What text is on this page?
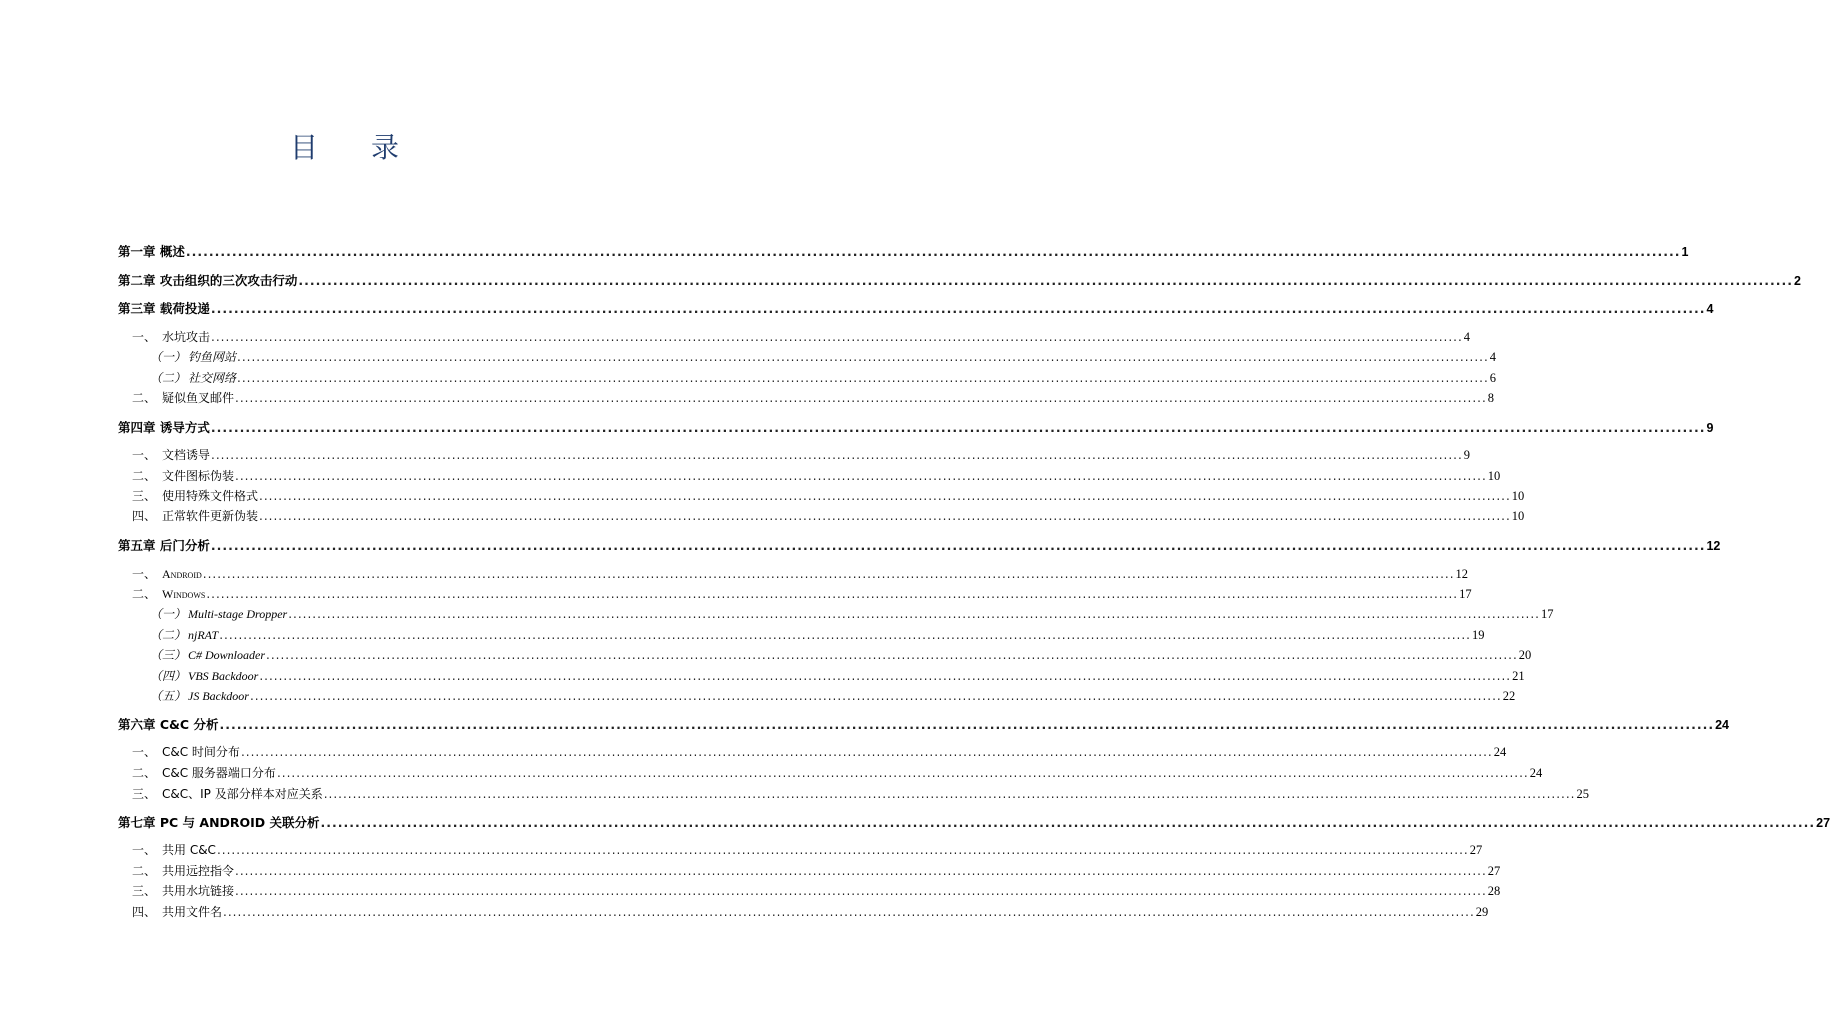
目 录
第一章 概述 .................................................................................................................................................................................................................................................................... 1
第二章 攻击组织的三次攻击行动 .................................................................................................................................................................................................................................................................... 2
第三章 载荷投递 .................................................................................................................................................................................................................................................................... 4
一、 水坑攻击 .................................................................................................................................................................................................................................................................... 4
（一） 钓鱼网站 .................................................................................................................................................................................................................................................................... 4
（二） 社交网络 .................................................................................................................................................................................................................................................................... 6
二、 疑似鱼叉邮件 .................................................................................................................................................................................................................................................................... 8
第四章 诱导方式 .................................................................................................................................................................................................................................................................... 9
一、 文档诱导 .................................................................................................................................................................................................................................................................... 9
二、 文件图标伪装 .................................................................................................................................................................................................................................................................... 10
三、 使用特殊文件格式 .................................................................................................................................................................................................................................................................... 10
四、 正常软件更新伪装 .................................................................................................................................................................................................................................................................... 10
第五章 后门分析 .................................................................................................................................................................................................................................................................... 12
一、 Android .................................................................................................................................................................................................................................................................... 12
二、 Windows .................................................................................................................................................................................................................................................................... 17
（一） Multi-stage Dropper .................................................................................................................................................................................................................................................................... 17
（二） njRAT .................................................................................................................................................................................................................................................................... 19
（三） C# Downloader .................................................................................................................................................................................................................................................................... 20
（四） VBS Backdoor .................................................................................................................................................................................................................................................................... 21
（五） JS Backdoor .................................................................................................................................................................................................................................................................... 22
第六章 C&C 分析 .................................................................................................................................................................................................................................................................... 24
一、 C&C 时间分布 .................................................................................................................................................................................................................................................................... 24
二、 C&C 服务器端口分布 .................................................................................................................................................................................................................................................................... 24
三、 C&C、IP 及部分样本对应关系 .................................................................................................................................................................................................................................................................... 25
第七章 PC 与 ANDROID 关联分析 .................................................................................................................................................................................................................................................................... 27
一、 共用 C&C .................................................................................................................................................................................................................................................................... 27
二、 共用远控指令 .................................................................................................................................................................................................................................................................... 27
三、 共用水坑链接 .................................................................................................................................................................................................................................................................... 28
四、 共用文件名 .................................................................................................................................................................................................................................................................... 29
